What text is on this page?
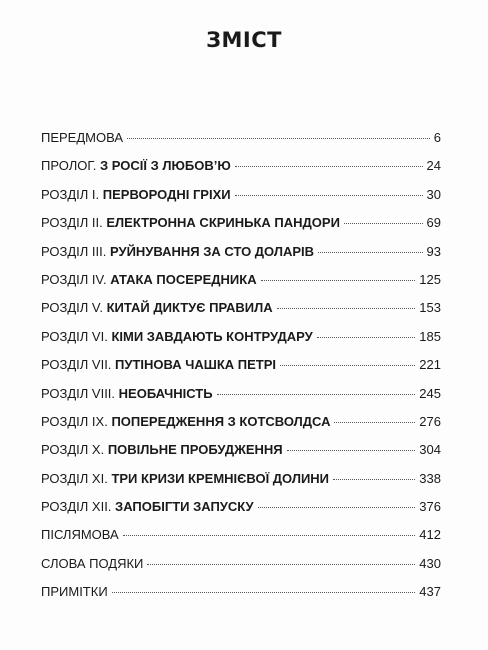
ЗМІСТ
ПЕРЕДМОВА	6
ПРОЛОГ. З РОСІЇ З ЛЮБОВ’Ю	24
РОЗДІЛ I. ПЕРВОРОДНІ ГРІХИ	30
РОЗДІЛ II. ЕЛЕКТРОННА СКРИНЬКА ПАНДОРИ	69
РОЗДІЛ III. РУЙНУВАННЯ ЗА СТО ДОЛАРІВ	93
РОЗДІЛ IV. АТАКА ПОСЕРЕДНИКА	125
РОЗДІЛ V. КИТАЙ ДИКТУЄ ПРАВИЛА	153
РОЗДІЛ VI. КІМИ ЗАВДАЮТЬ КОНТРУДАРУ	185
РОЗДІЛ VII. ПУТІНОВА ЧАШКА ПЕТРІ	221
РОЗДІЛ VIII. НЕОБАЧНІСТЬ	245
РОЗДІЛ IX. ПОПЕРЕДЖЕННЯ З КОТСВОЛДСА	276
РОЗДІЛ X. ПОВІЛЬНЕ ПРОБУДЖЕННЯ	304
РОЗДІЛ XI. ТРИ КРИЗИ КРЕМНІЄВОЇ ДОЛИНИ	338
РОЗДІЛ XII. ЗАПОБІГТИ ЗАПУСКУ	376
ПІСЛЯМОВА	412
СЛОВА ПОДЯКИ	430
ПРИМІТКИ	437
